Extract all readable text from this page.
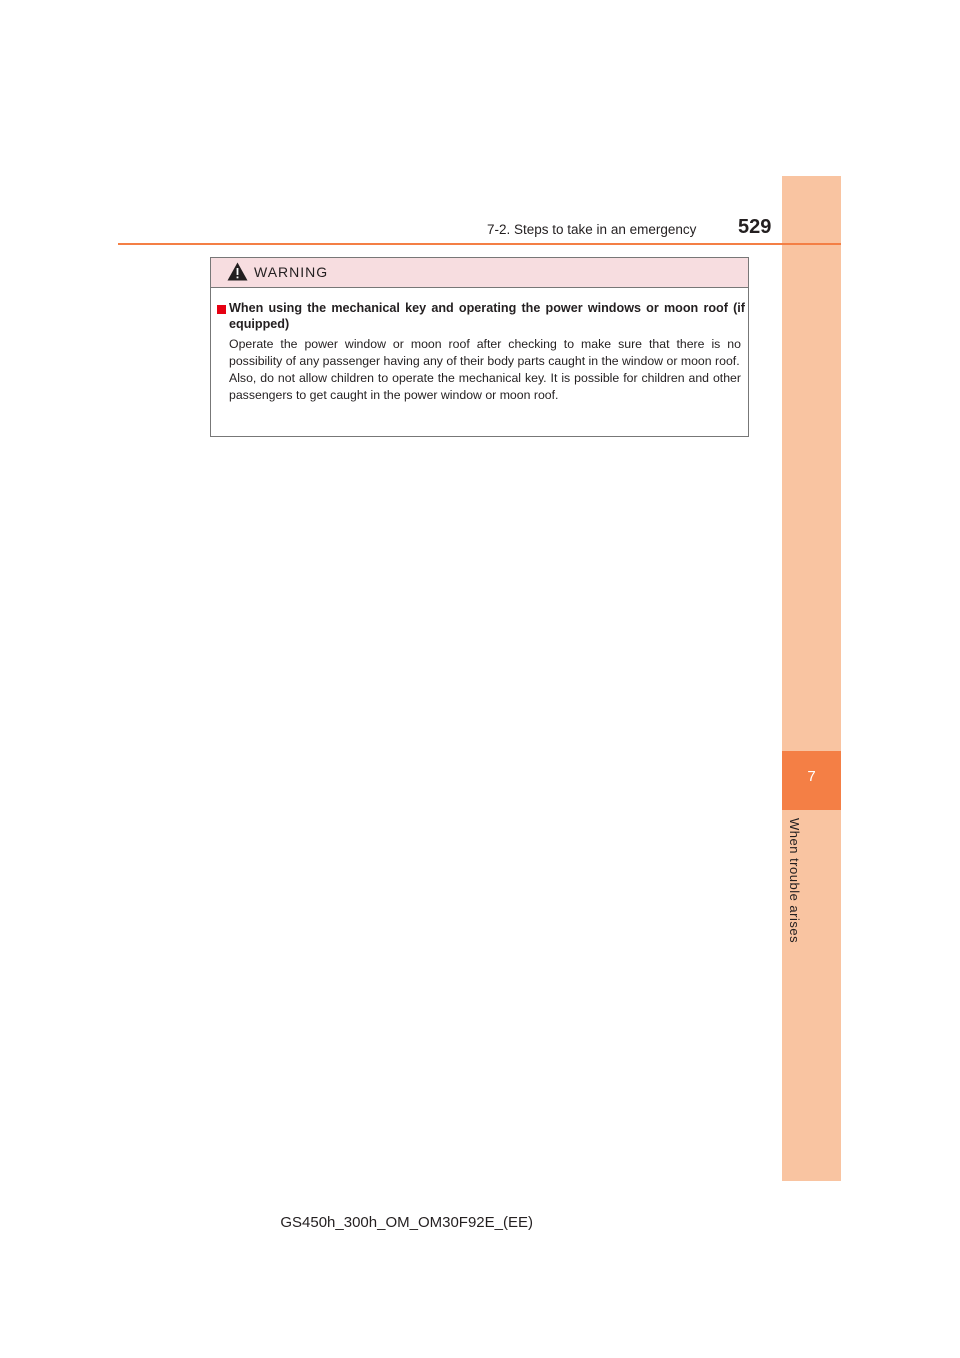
7
When trouble arises
7-2. Steps to take in an emergency 529
WARNING
When using the mechanical key and operating the power windows or moon roof (if equipped)

Operate the power window or moon roof after checking to make sure that there is no possibility of any passenger having any of their body parts caught in the window or moon roof.

Also, do not allow children to operate the mechanical key. It is possible for children and other passengers to get caught in the power window or moon roof.

GS450h_300h_OM_OM30F92E_(EE)
